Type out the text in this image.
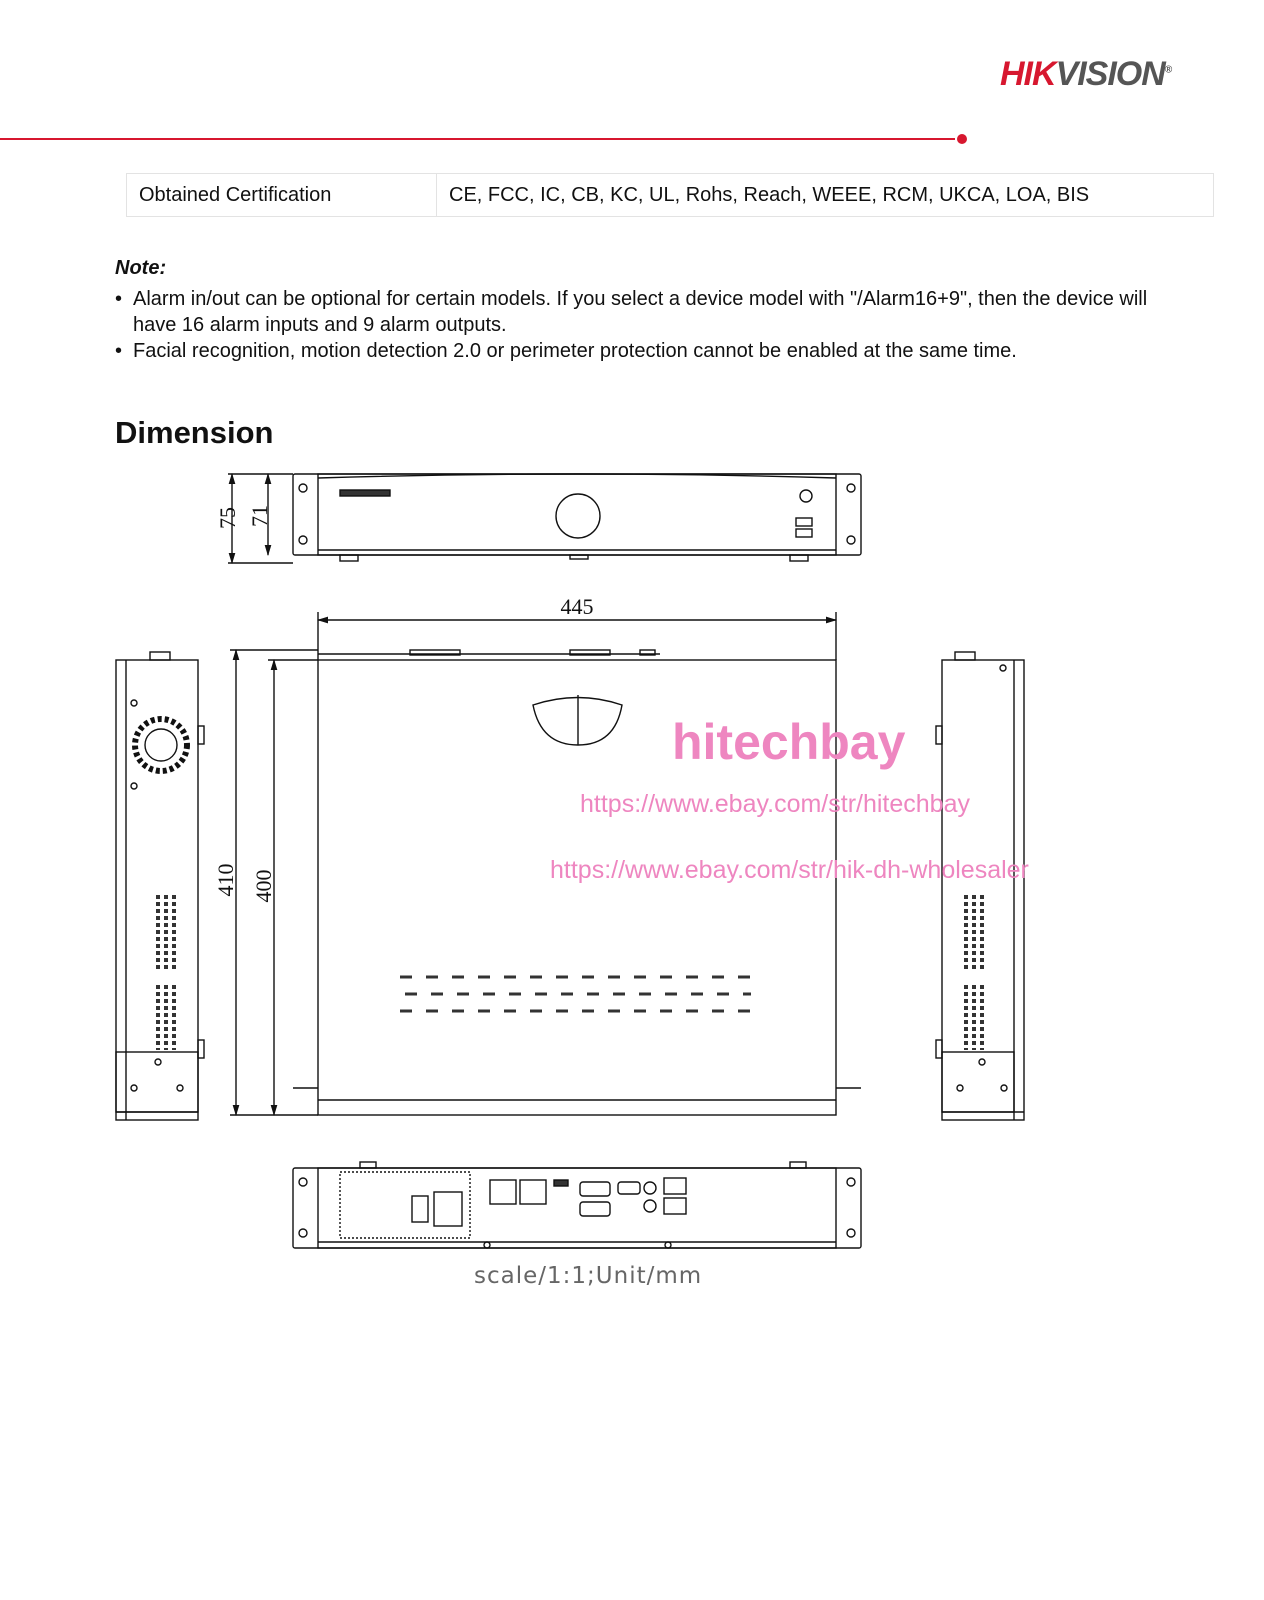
HIKVISION®
Obtained Certification	CE, FCC, IC, CB, KC, UL, Rohs, Reach, WEEE, RCM, UKCA, LOA, BIS
Note:
• Alarm in/out can be optional for certain models. If you select a device model with "/Alarm16+9", then the device will have 16 alarm inputs and 9 alarm outputs.
• Facial recognition, motion detection 2.0 or perimeter protection cannot be enabled at the same time.
Dimension
75 71
445
410 400
scale/1:1;Unit/mm
hitechbay
https://www.ebay.com/str/hitechbay
https://www.ebay.com/str/hik-dh-wholesaler
